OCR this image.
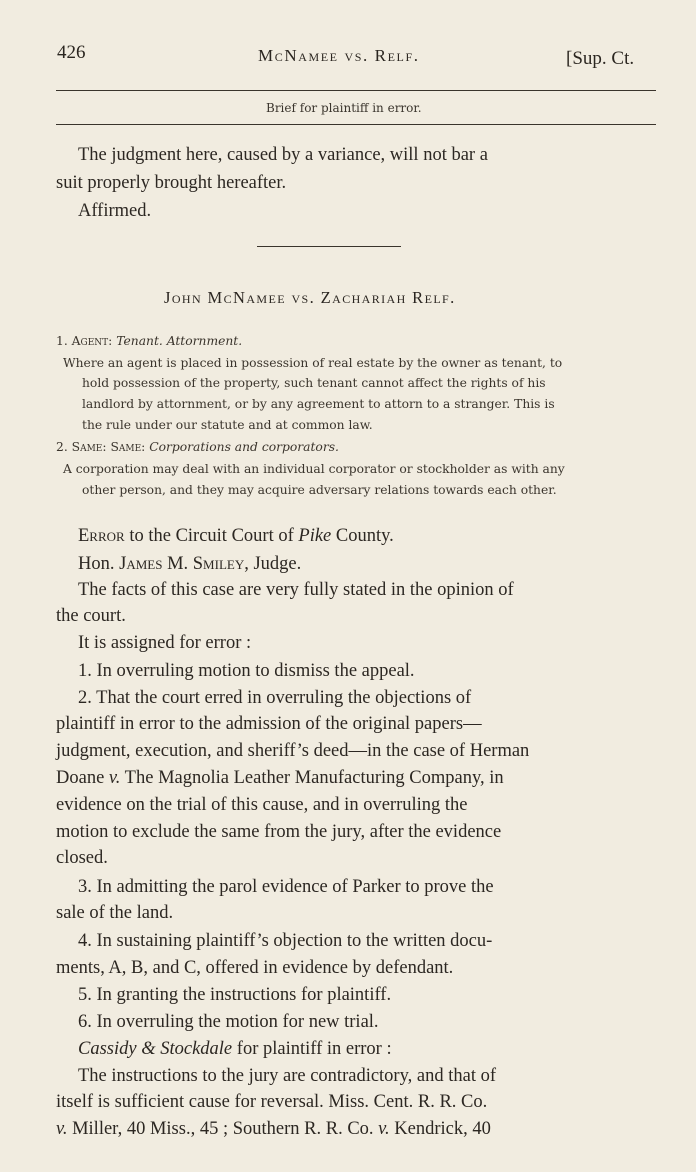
426	McNamee vs. Relf.	[Sup. Ct.
Brief for plaintiff in error.
The judgment here, caused by a variance, will not bar a
suit properly brought hereafter.
Affirmed.
John McNamee vs. Zachariah Relf.
1. Agent: Tenant. Attornment.
Where an agent is placed in possession of real estate by the owner as tenant, to
hold possession of the property, such tenant cannot affect the rights of his
landlord by attornment, or by any agreement to attorn to a stranger. This is
the rule under our statute and at common law.
2. Same: Same: Corporations and corporators.
A corporation may deal with an individual corporator or stockholder as with any
other person, and they may acquire adversary relations towards each other.
Error to the Circuit Court of Pike County.
Hon. James M. Smiley, Judge.
The facts of this case are very fully stated in the opinion of
the court.
It is assigned for error :
1. In overruling motion to dismiss the appeal.
2. That the court erred in overruling the objections of
plaintiff in error to the admission of the original papers—
judgment, execution, and sheriff’s deed—in the case of Herman
Doane v. The Magnolia Leather Manufacturing Company, in
evidence on the trial of this cause, and in overruling the
motion to exclude the same from the jury, after the evidence
closed.
3. In admitting the parol evidence of Parker to prove the
sale of the land.
4. In sustaining plaintiff’s objection to the written docu-
ments, A, B, and C, offered in evidence by defendant.
5. In granting the instructions for plaintiff.
6. In overruling the motion for new trial.
Cassidy & Stockdale for plaintiff in error :
The instructions to the jury are contradictory, and that of
itself is sufficient cause for reversal. Miss. Cent. R. R. Co.
v. Miller, 40 Miss., 45 ; Southern R. R. Co. v. Kendrick, 40
